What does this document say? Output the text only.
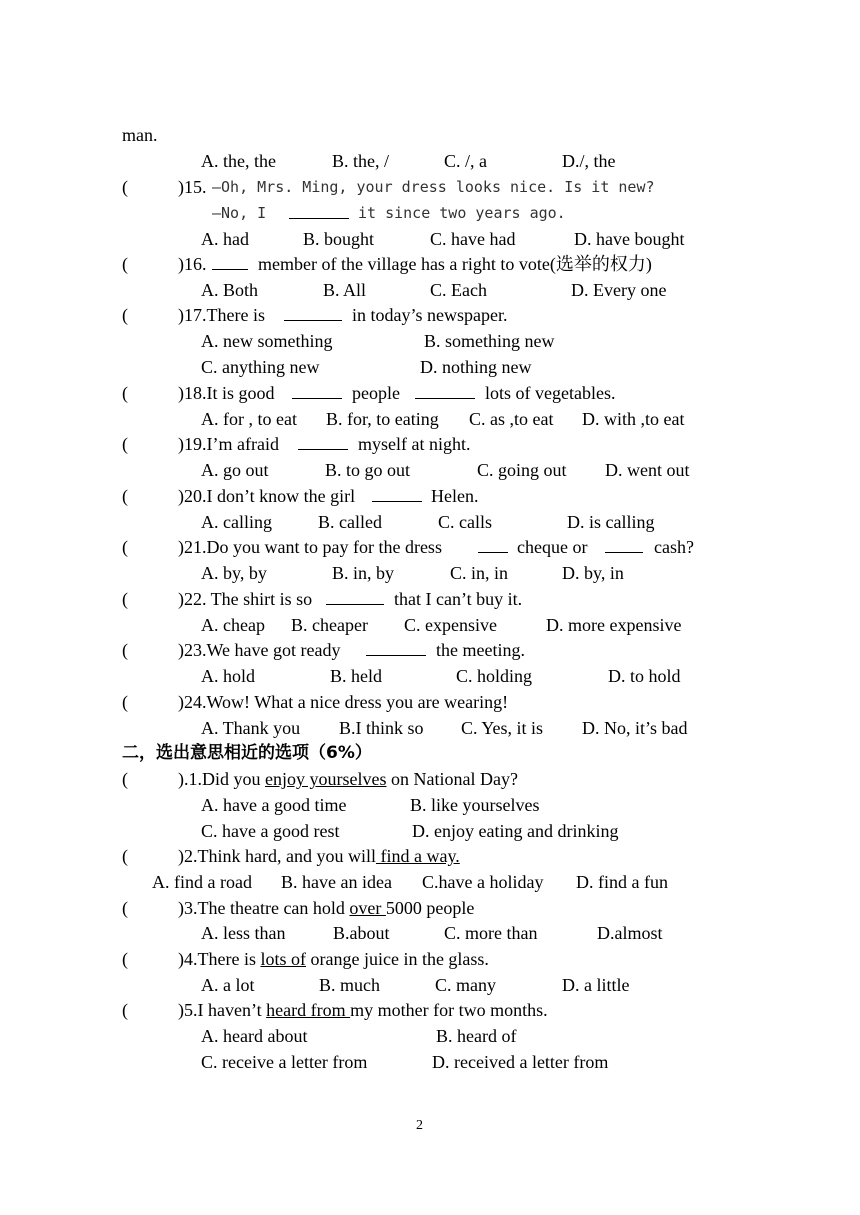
man.
A. the, the	B. the, /	C. /, a	D./, the
(	)15. —Oh, Mrs. Ming, your dress looks nice. Is it new?
—No, I	it since two years ago.
A. had	B. bought	C. have had	D. have bought
(	)16.	member of the village has a right to vote(选举的权力)
A. Both	B. All	C. Each	D. Every one
(	)17.There is	in today’s newspaper.
A. new something	B. something new
C. anything new	D. nothing new
(	)18.It is good	people	lots of vegetables.
A. for , to eat B. for, to eating C. as ,to eat D. with ,to eat
(	)19.I’m afraid	myself at night.
A. go out	B. to go out	C. going out D. went out
(	)20.I don’t know the girl	Helen.
A. calling	B. called	C. calls	D. is calling
(	)21.Do you want to pay for the dress	cheque or	cash?
A. by, by	B. in, by	C. in, in	D. by, in
(	)22. The shirt is so	that I can’t buy it.
A. cheap B. cheaper C. expensive	D. more expensive
(	)23.We have got ready	the meeting.
A. hold	B. held	C. holding	D. to hold
(	)24.Wow! What a nice dress you are wearing!
A. Thank you B.I think so C. Yes, it is D. No, it’s bad
二，选出意思相近的选项（6%）
(	).1.Did you enjoy yourselves on National Day?
A. have a good time	B. like yourselves
C. have a good rest	D. enjoy eating and drinking
(	)2.Think hard, and you will find a way.
A. find a road B. have an idea C.have a holiday D. find a fun
(	)3.The theatre can hold over 5000 people
A. less than	B.about	C. more than	D.almost
(	)4.There is lots of orange juice in the glass.
A. a lot	B. much	C. many	D. a little
(	)5.I haven’t heard from my mother for two months.
A. heard about	B. heard of
C. receive a letter from	D. received a letter from
2
